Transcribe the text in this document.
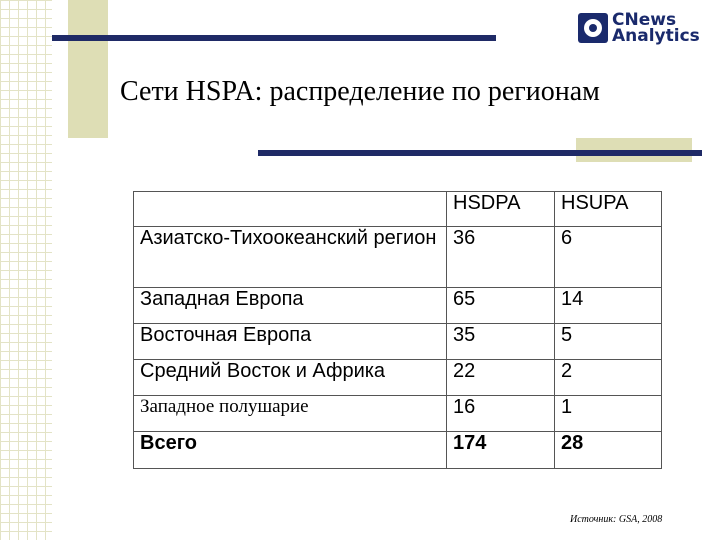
CNews
Analytics
Сети HSPA: распределение по регионам
	HSDPA	HSUPA
Азиатско-Тихоокеанский регион	36	6
Западная Европа	65	14
Восточная Европа	35	5
Средний Восток и Африка	22	2
Западное полушарие	16	1
Всего	174	28
Источник: GSA, 2008
